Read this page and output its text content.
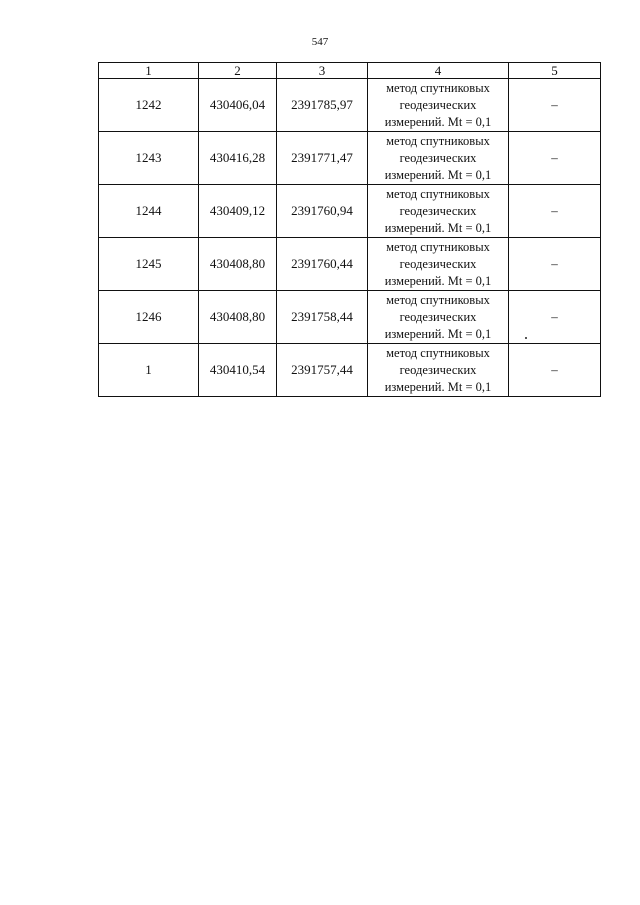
547
1	2	3	4	5
1242	430406,04	2391785,97	метод спутниковых
геодезических
измерений. Mt = 0,1	–
1243	430416,28	2391771,47	метод спутниковых
геодезических
измерений. Mt = 0,1	–
1244	430409,12	2391760,94	метод спутниковых
геодезических
измерений. Mt = 0,1	–
1245	430408,80	2391760,44	метод спутниковых
геодезических
измерений. Mt = 0,1	–
1246	430408,80	2391758,44	метод спутниковых
геодезических
измерений. Mt = 0,1	–
1	430410,54	2391757,44	метод спутниковых
геодезических
измерений. Mt = 0,1	–
